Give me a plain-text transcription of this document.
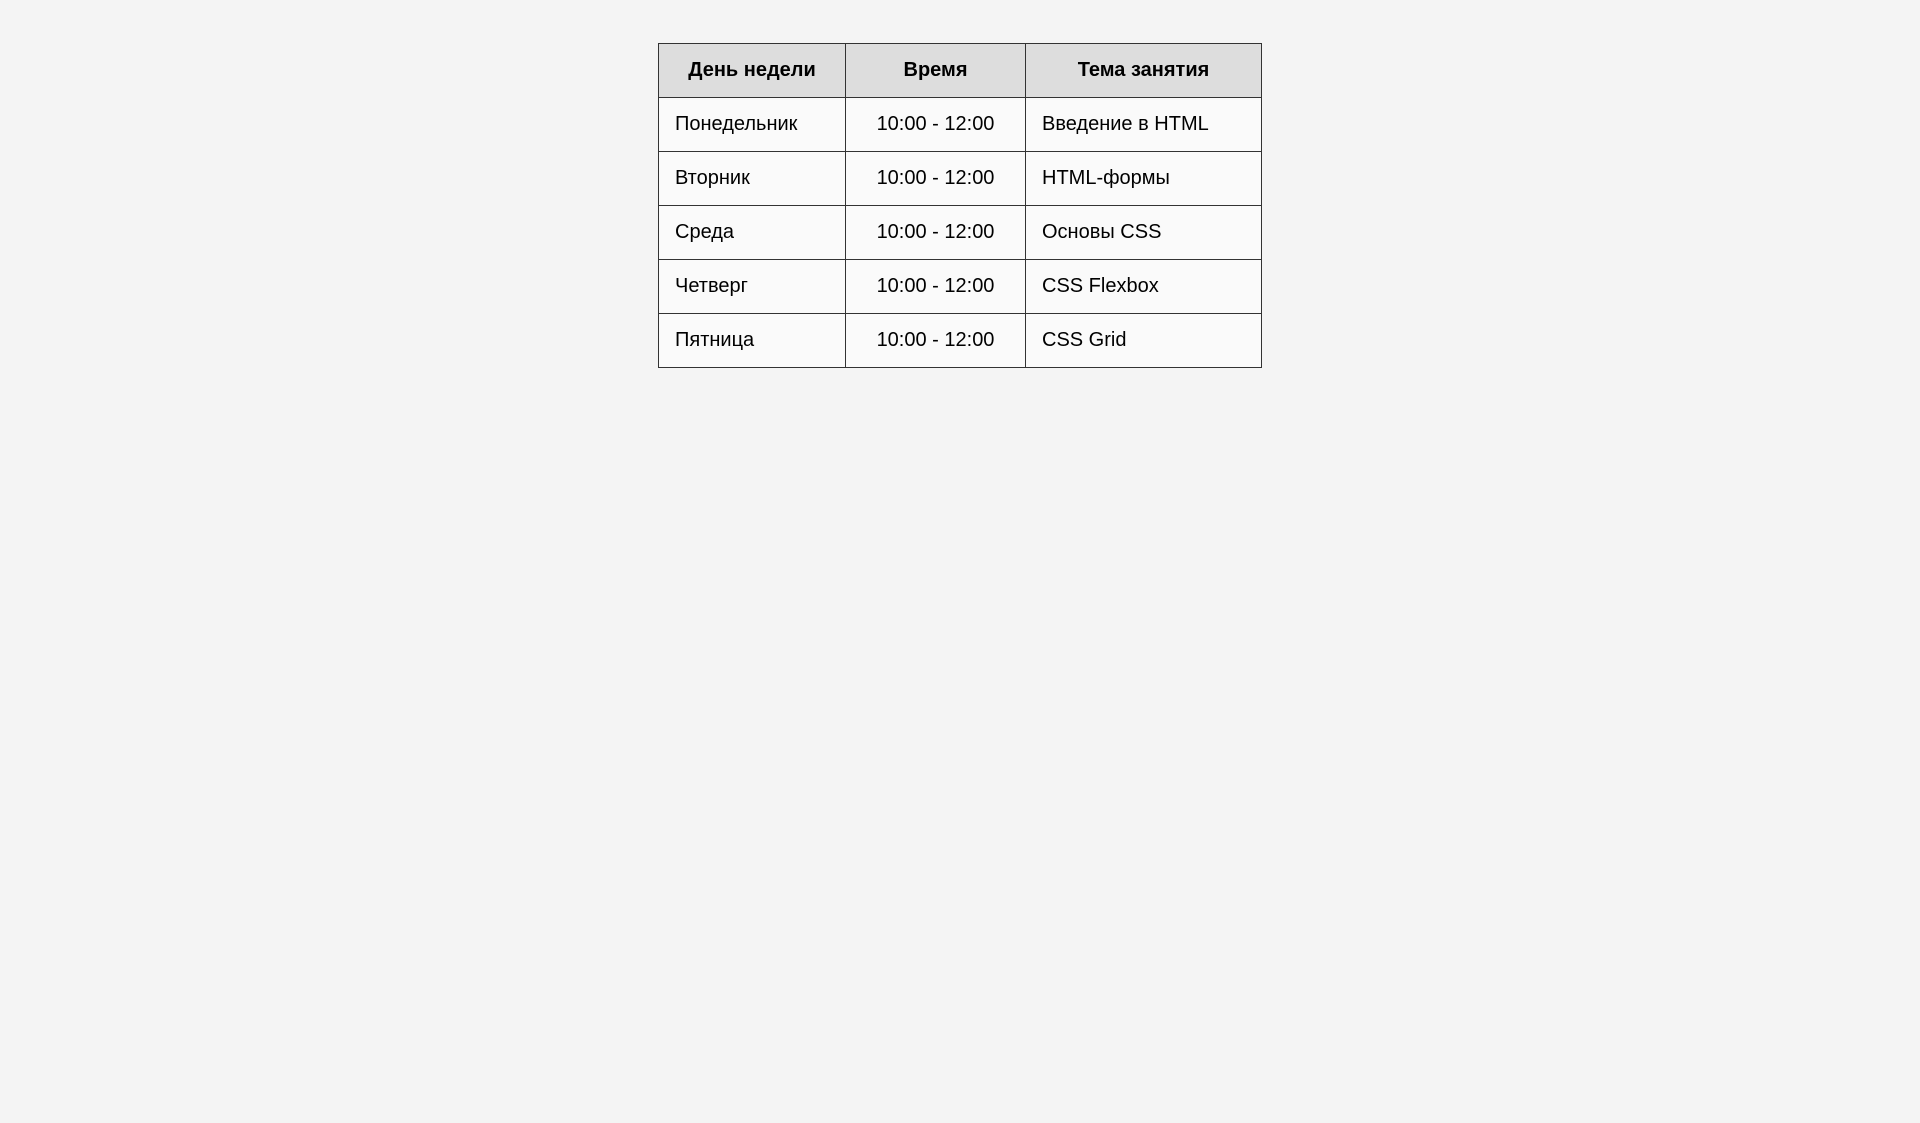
День недели	Время	Тема занятия
Понедельник	10:00 - 12:00	Введение в HTML
Вторник	10:00 - 12:00	HTML-формы
Среда	10:00 - 12:00	Основы CSS
Четверг	10:00 - 12:00	CSS Flexbox
Пятница	10:00 - 12:00	CSS Grid
